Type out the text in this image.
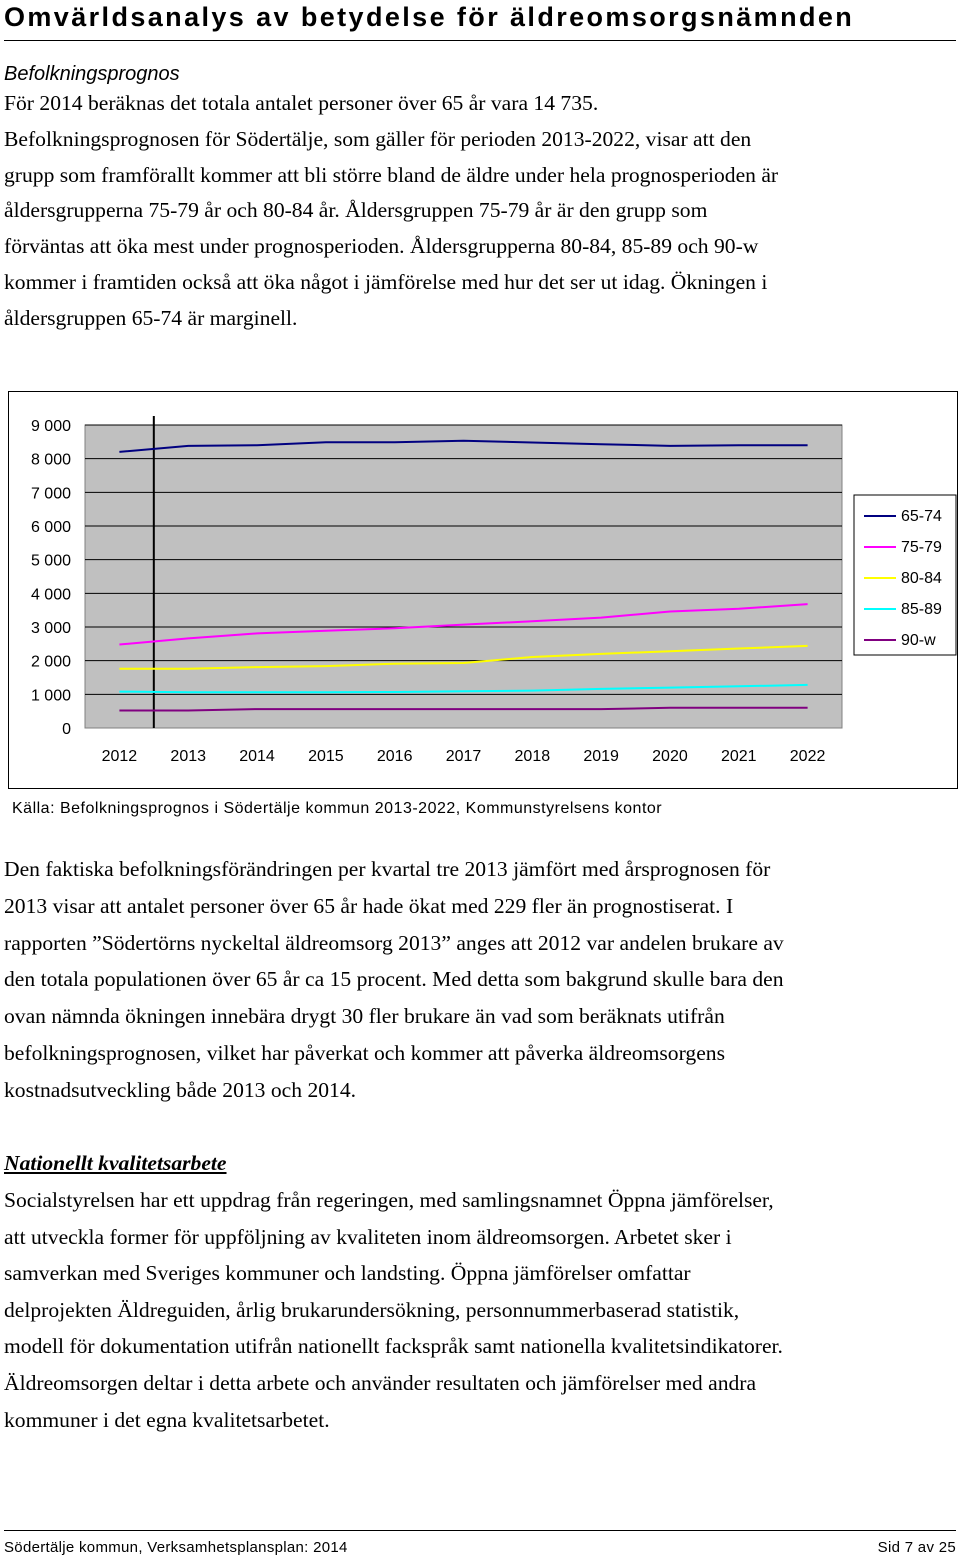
Omvärldsanalys av betydelse för äldreomsorgsnämnden
Befolkningsprognos
För 2014 beräknas det totala antalet personer över 65 år vara 14 735.
Befolkningsprognosen för Södertälje, som gäller för perioden 2013-2022, visar att den
grupp som framförallt kommer att bli större bland de äldre under hela prognosperioden är
åldersgrupperna 75-79 år och 80-84 år. Åldersgruppen 75-79 år är den grupp som
förväntas att öka mest under prognosperioden. Åldersgrupperna 80-84, 85-89 och 90-w
kommer i framtiden också att öka något i jämförelse med hur det ser ut idag. Ökningen i
åldersgruppen 65-74 är marginell.
0
1 000
2 000
3 000
4 000
5 000
6 000
7 000
8 000
9 000
2012 2013 2014 2015 2016 2017 2018 2019 2020 2021 2022
65-74
75-79
80-84
85-89
90-w
Källa: Befolkningsprognos i Södertälje kommun 2013-2022, Kommunstyrelsens kontor
Den faktiska befolkningsförändringen per kvartal tre 2013 jämfört med årsprognosen för
2013 visar att antalet personer över 65 år hade ökat med 229 fler än prognostiserat. I
rapporten ”Södertörns nyckeltal äldreomsorg 2013” anges att 2012 var andelen brukare av
den totala populationen över 65 år ca 15 procent. Med detta som bakgrund skulle bara den
ovan nämnda ökningen innebära drygt 30 fler brukare än vad som beräknats utifrån
befolkningsprognosen, vilket har påverkat och kommer att påverka äldreomsorgens
kostnadsutveckling både 2013 och 2014.
Nationellt kvalitetsarbete
Socialstyrelsen har ett uppdrag från regeringen, med samlingsnamnet Öppna jämförelser,
att utveckla former för uppföljning av kvaliteten inom äldreomsorgen. Arbetet sker i
samverkan med Sveriges kommuner och landsting. Öppna jämförelser omfattar
delprojekten Äldreguiden, årlig brukarundersökning, personnummerbaserad statistik,
modell för dokumentation utifrån nationellt fackspråk samt nationella kvalitetsindikatorer.
Äldreomsorgen deltar i detta arbete och använder resultaten och jämförelser med andra
kommuner i det egna kvalitetsarbetet.
Södertälje kommun, Verksamhetsplansplan: 2014	Sid 7 av 25
